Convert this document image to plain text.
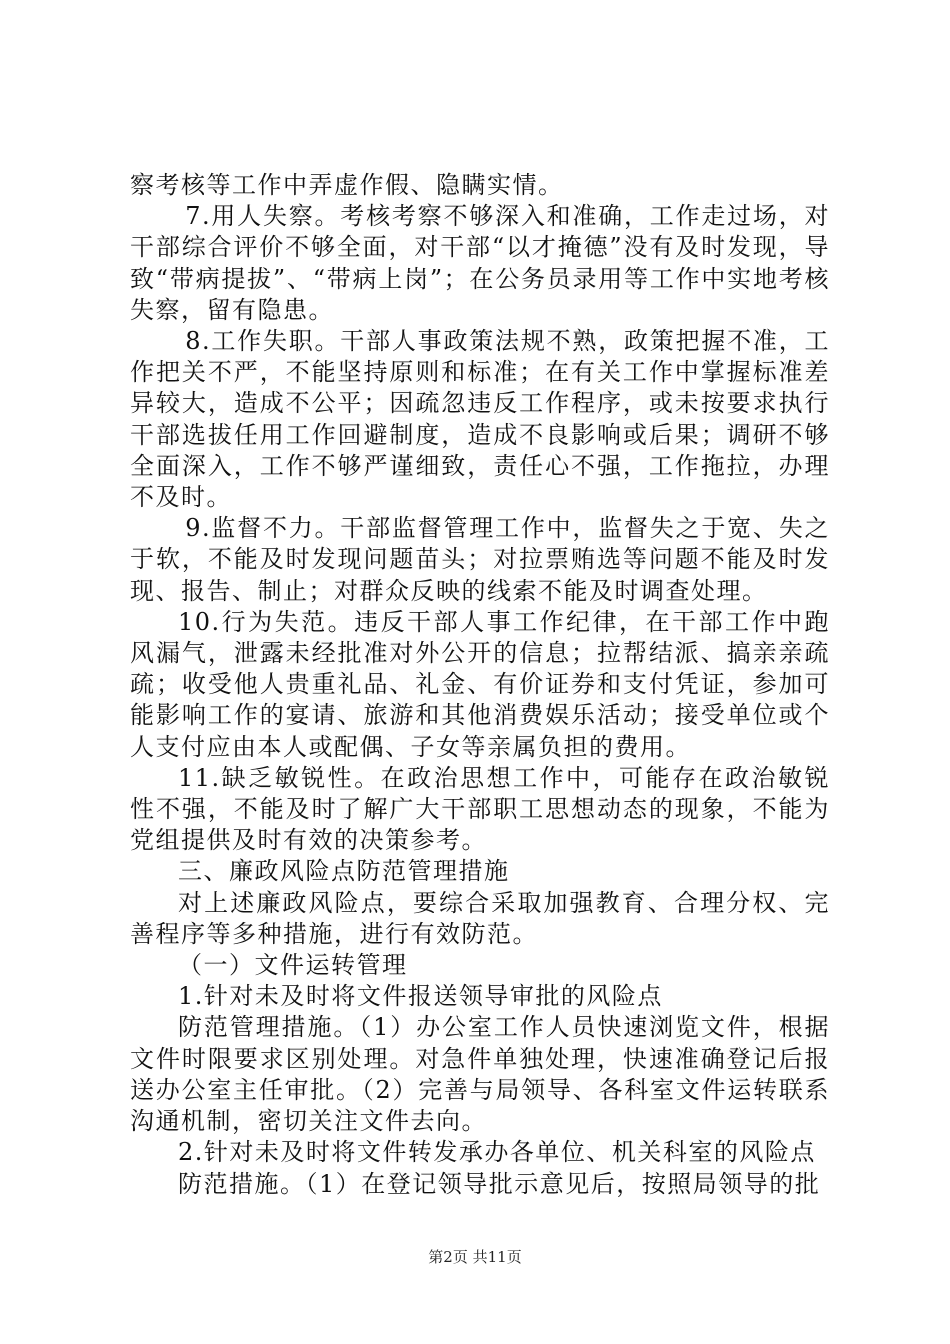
察考核等工作中弄虚作假、隐瞒实情。

7.用人失察。考核考察不够深入和准确，工作走过场，对干部综合评价不够全面，对干部“以才掩德”没有及时发现，导致“带病提拔”、“带病上岗”；在公务员录用等工作中实地考核失察，留有隐患。

8.工作失职。干部人事政策法规不熟，政策把握不准，工作把关不严，不能坚持原则和标准；在有关工作中掌握标准差异较大，造成不公平；因疏忽违反工作程序，或未按要求执行干部选拔任用工作回避制度，造成不良影响或后果；调研不够全面深入，工作不够严谨细致，责任心不强，工作拖拉，办理不及时。

9.监督不力。干部监督管理工作中，监督失之于宽、失之于软，不能及时发现问题苗头；对拉票贿选等问题不能及时发现、报告、制止；对群众反映的线索不能及时调查处理。

10.行为失范。违反干部人事工作纪律，在干部工作中跑风漏气，泄露未经批准对外公开的信息；拉帮结派、搞亲亲疏疏；收受他人贵重礼品、礼金、有价证券和支付凭证，参加可能影响工作的宴请、旅游和其他消费娱乐活动；接受单位或个人支付应由本人或配偶、子女等亲属负担的费用。

11.缺乏敏锐性。在政治思想工作中，可能存在政治敏锐性不强，不能及时了解广大干部职工思想动态的现象，不能为党组提供及时有效的决策参考。

三、廉政风险点防范管理措施

对上述廉政风险点，要综合采取加强教育、合理分权、完善程序等多种措施，进行有效防范。

（一）文件运转管理

1.针对未及时将文件报送领导审批的风险点

防范管理措施。（1）办公室工作人员快速浏览文件，根据文件时限要求区别处理。对急件单独处理，快速准确登记后报送办公室主任审批。（2）完善与局领导、各科室文件运转联系沟通机制，密切关注文件去向。

2.针对未及时将文件转发承办各单位、机关科室的风险点

防范措施。（1）在登记领导批示意见后，按照局领导的批

第2页 共11页
